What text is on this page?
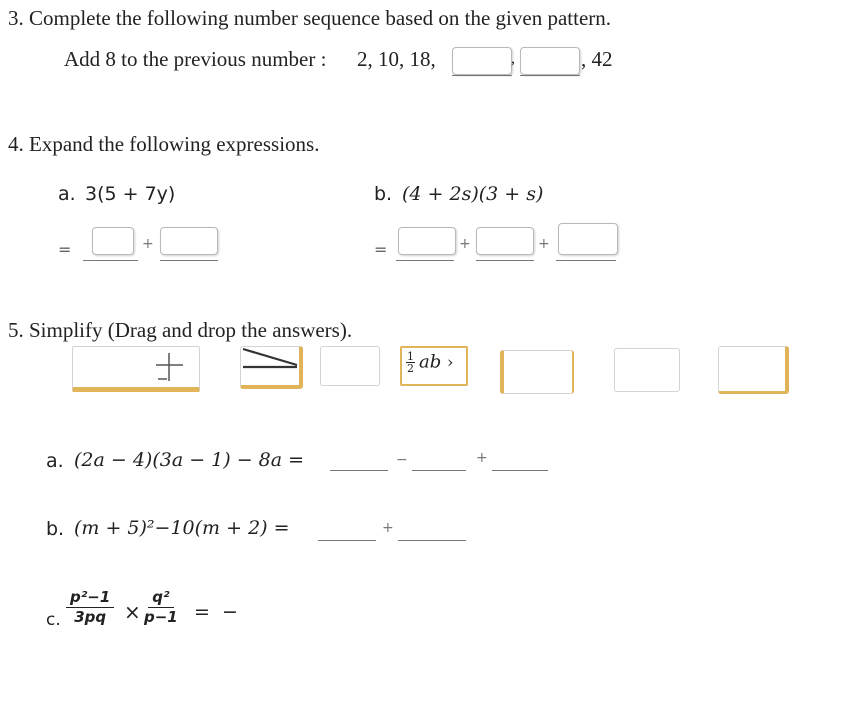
3. Complete the following number sequence based on the given pattern.
Add 8 to the previous number : 2, 10, 18,	,	, 42
4. Expand the following expressions.
a. 3(5 + 7y)
=	+
b. (4 + 2s)(3 + s)
=	+	+
5. Simplify (Drag and drop the answers).
$\frac{1}{2}$ ab ›
a. (2a − 4)(3a − 1) − 8a =	−	+
b. (m + 5)²−10(m + 2) =	+
c. $\frac{\text{p²−1}}{3pq} \times \frac{\text{q²}}{p-1}$ = −
